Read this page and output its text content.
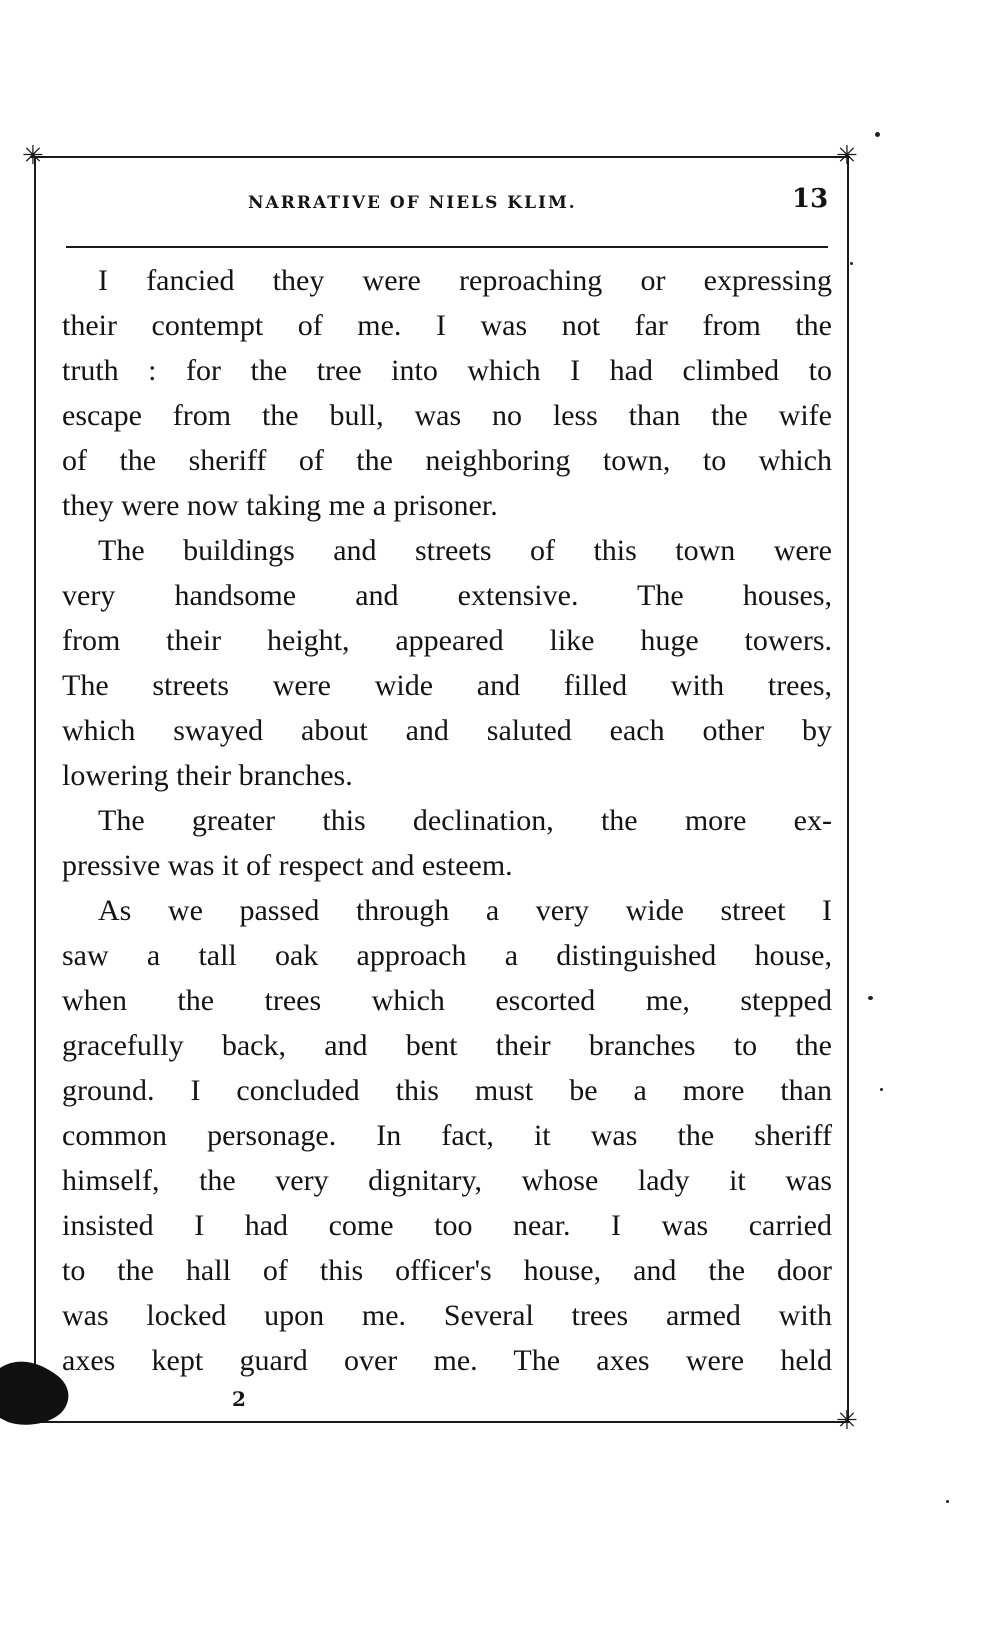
✳	✳
✳
NARRATIVE OF NIELS KLIM.	13
I fancied they were reproaching or expressing
their contempt of me. I was not far from the
truth : for the tree into which I had climbed to
escape from the bull, was no less than the wife
of the sheriff of the neighboring town, to which
they were now taking me a prisoner.
The buildings and streets of this town were
very handsome and extensive. The houses,
from their height, appeared like huge towers.
The streets were wide and filled with trees,
which swayed about and saluted each other by
lowering their branches.
The greater this declination, the more ex-
pressive was it of respect and esteem.
As we passed through a very wide street I
saw a tall oak approach a distinguished house,
when the trees which escorted me, stepped
gracefully back, and bent their branches to the
ground. I concluded this must be a more than
common personage. In fact, it was the sheriff
himself, the very dignitary, whose lady it was
insisted I had come too near. I was carried
to the hall of this officer's house, and the door
was locked upon me. Several trees armed with
axes kept guard over me. The axes were held
2
